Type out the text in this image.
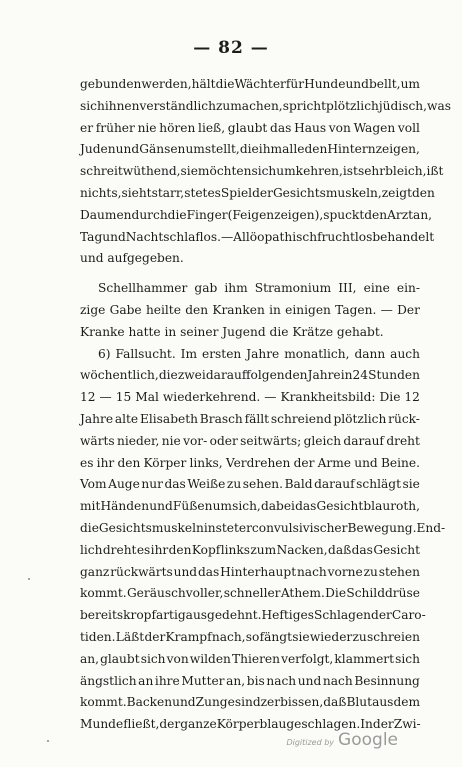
— 82 —
gebunden werden, hält die Wächter für Hunde und bellt, um
sich ihnen verständlich zu machen, spricht plötzlich jüdisch, was
er früher nie hören ließ, glaubt das Haus von Wagen voll
Juden und Gänsen umstellt, die ihm alle den Hintern zeigen,
schreit wüthend, sie möchten sich umkehren, ist sehr bleich, ißt
nichts, sieht starr, stetes Spiel der Gesichtsmuskeln, zeigt den
Daumen durch die Finger (Feigen zeigen), spuckt den Arzt an,
Tag und Nacht schlaflos. — Allöopathisch fruchtlos behandelt
und aufgegeben.
Schellhammer gab ihm Stramonium III, eine ein-
zige Gabe heilte den Kranken in einigen Tagen. — Der
Kranke hatte in seiner Jugend die Krätze gehabt.
6) Fallsucht. Im ersten Jahre monatlich, dann auch
wöchentlich, die zwei darauffolgenden Jahre in 24 Stunden
12 — 15 Mal wiederkehrend. — Krankheitsbild: Die 12
Jahre alte Elisabeth Brasch fällt schreiend plötzlich rück-
wärts nieder, nie vor- oder seitwärts; gleich darauf dreht
es ihr den Körper links, Verdrehen der Arme und Beine.
Vom Auge nur das Weiße zu sehen. Bald darauf schlägt sie
mit Händen und Füßen um sich, dabei das Gesicht blauroth,
die Gesichtsmuskeln in steter convulsivischer Bewegung. End-
lich dreht es ihr den Kopf links zum Nacken, daß das Gesicht
ganz rückwärts und das Hinterhaupt nach vorne zu stehen
kommt. Geräuschvoller, schneller Athem. Die Schilddrüse
bereits kropfartig ausgedehnt. Heftiges Schlagen der Caro-
tiden. Läßt der Krampf nach, so fängt sie wieder zu schreien
an, glaubt sich von wilden Thieren verfolgt, klammert sich
ängstlich an ihre Mutter an, bis nach und nach Besinnung
kommt. Backen und Zunge sind zerbissen, daß Blut aus dem
Munde fließt, der ganze Körper blau geschlagen. In der Zwi-
Digitized by Google
